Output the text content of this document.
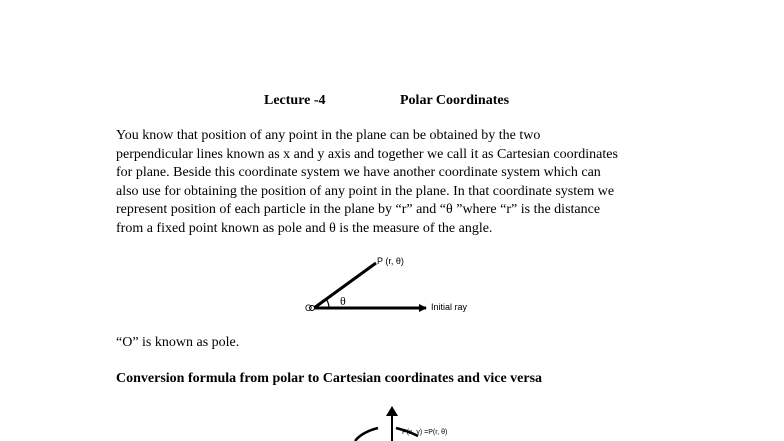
Lecture -4	Polar Coordinates
You know that position of any point in the plane can be obtained by the two
perpendicular lines known as x and y axis and together we call it as Cartesian coordinates
for plane. Beside this coordinate system we have another coordinate system which can
also use for obtaining the position of any point in the plane. In that coordinate system we
represent position of each particle in the plane by “r” and “θ ”where “r” is the distance
from a fixed point known as pole and θ is the measure of the angle.
P (r, θ)
O θ	Initial ray
“O” is known as pole.
Conversion formula from polar to Cartesian coordinates and vice versa
P(x, y) =P(r, θ)
